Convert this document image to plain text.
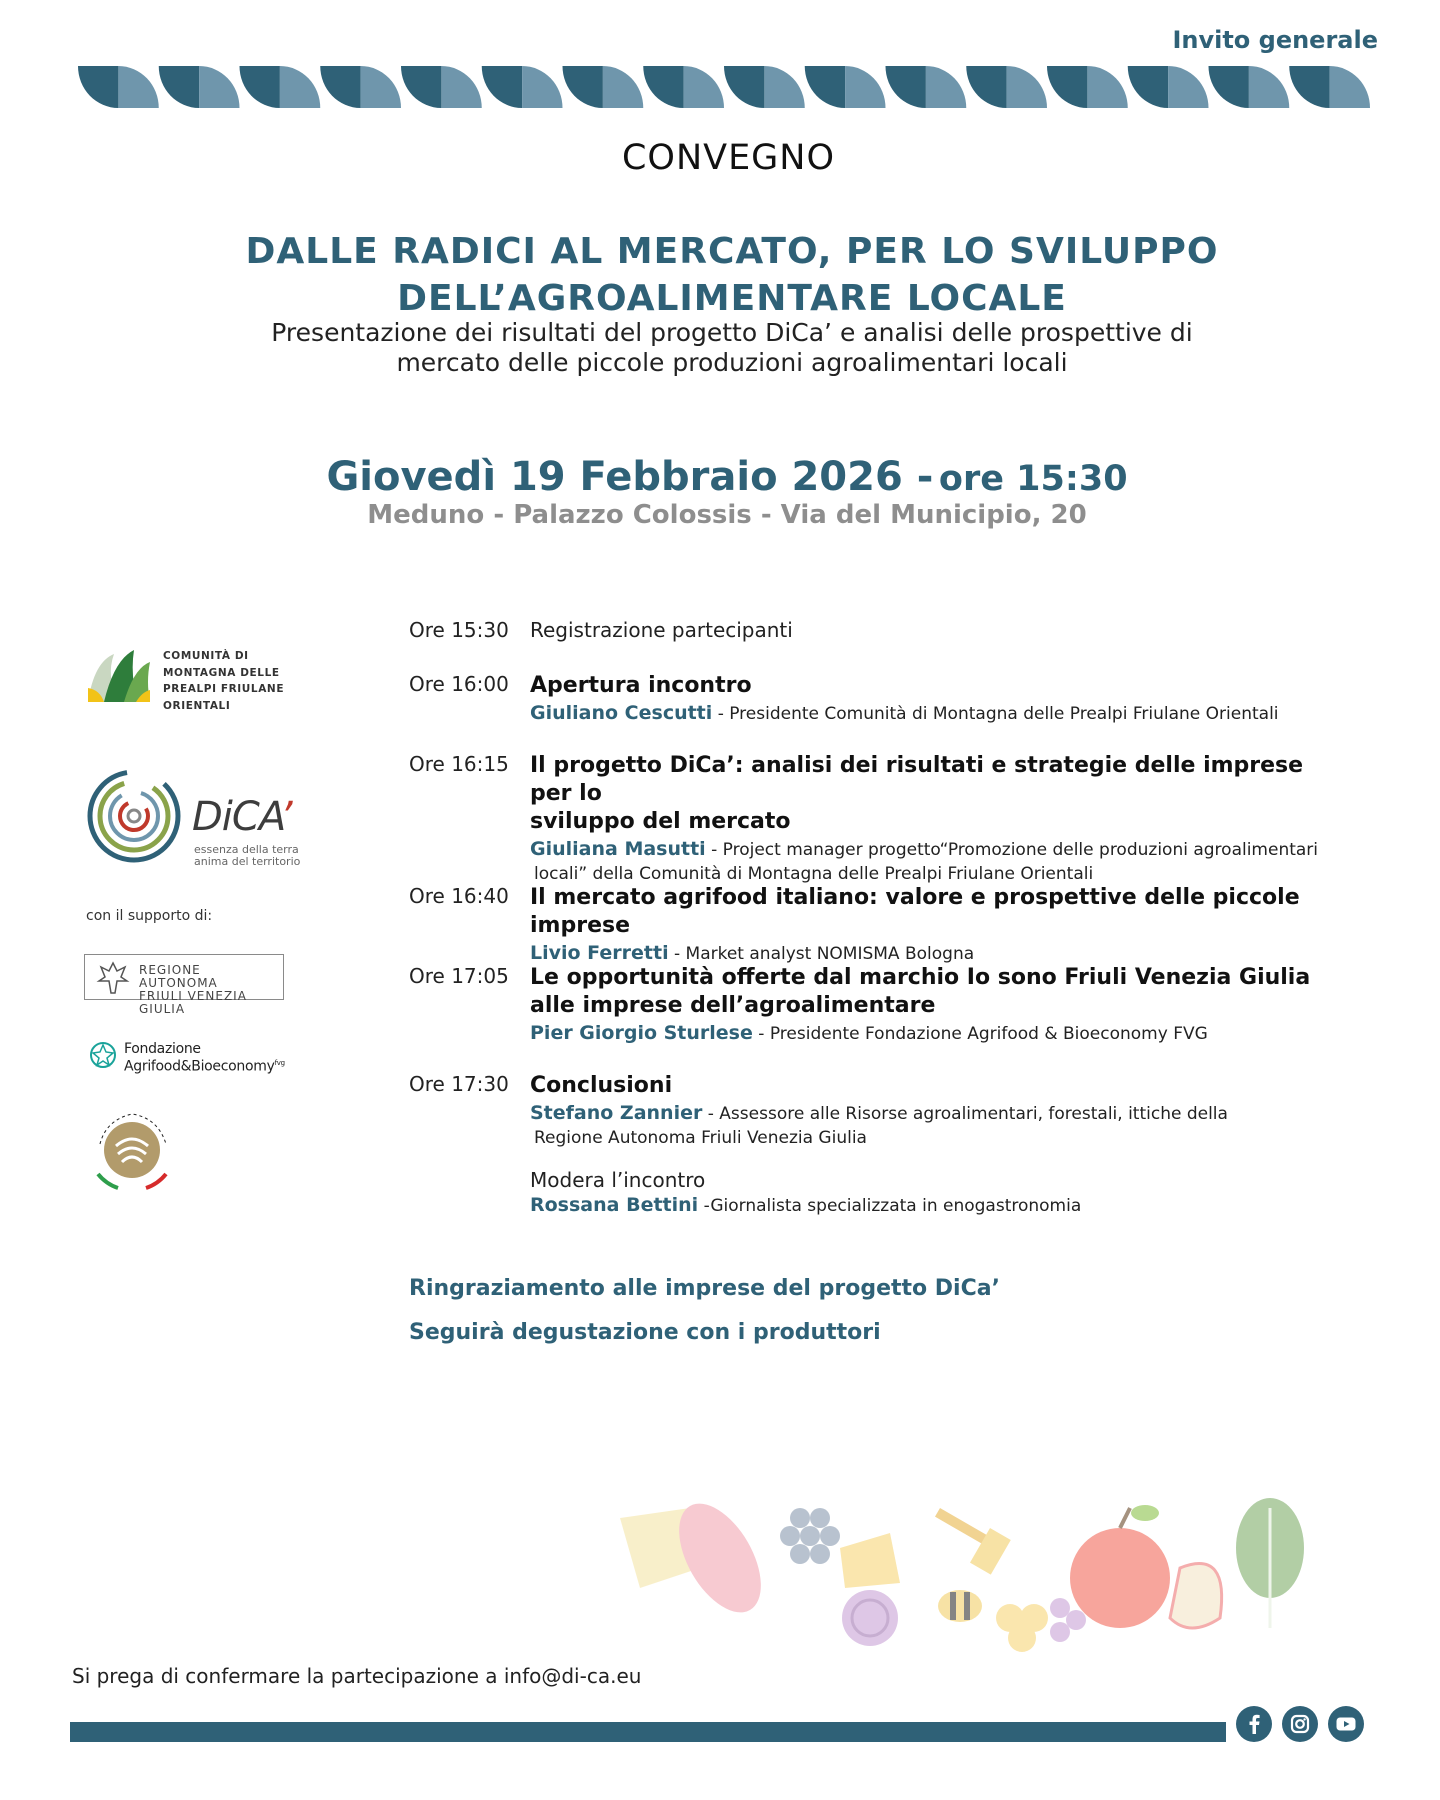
Invito generale
CONVEGNO
DALLE RADICI AL MERCATO, PER LO SVILUPPO
DELL’AGROALIMENTARE LOCALE
Presentazione dei risultati del progetto DiCa’ e analisi delle prospettive di
mercato delle piccole produzioni agroalimentari locali
Giovedì 19 Febbraio 2026 - ore 15:30
Meduno - Palazzo Colossis - Via del Municipio, 20
COMUNITÀ DI
MONTAGNA DELLE
PREALPI FRIULANE
ORIENTALI
DiCA’
essenza della terra
anima del territorio
con il supporto di:
REGIONE AUTONOMA
FRIULI VENEZIA GIULIA
Fondazione
Agrifood&Bioeconomy$^{fvg}$
Ore 15:30 Registrazione partecipanti
Ore 16:00 Apertura incontro
Giuliano Cescutti - Presidente Comunità di Montagna delle Prealpi Friulane Orientali
Ore 16:15 Il progetto DiCa’: analisi dei risultati e strategie delle imprese per lo
sviluppo del mercato
Giuliana Masutti - Project manager progetto“Promozione delle produzioni agroalimentari
locali” della Comunità di Montagna delle Prealpi Friulane Orientali
Ore 16:40 Il mercato agrifood italiano: valore e prospettive delle piccole imprese
Livio Ferretti - Market analyst NOMISMA Bologna
Ore 17:05 Le opportunità offerte dal marchio Io sono Friuli Venezia Giulia
alle imprese dell’agroalimentare
Pier Giorgio Sturlese - Presidente Fondazione Agrifood & Bioeconomy FVG
Ore 17:30 Conclusioni
Stefano Zannier - Assessore alle Risorse agroalimentari, forestali, ittiche della
Regione Autonoma Friuli Venezia Giulia
Modera l’incontro
Rossana Bettini -Giornalista specializzata in enogastronomia
Ringraziamento alle imprese del progetto DiCa’
Seguirà degustazione con i produttori
Si prega di confermare la partecipazione a info@di-ca.eu
